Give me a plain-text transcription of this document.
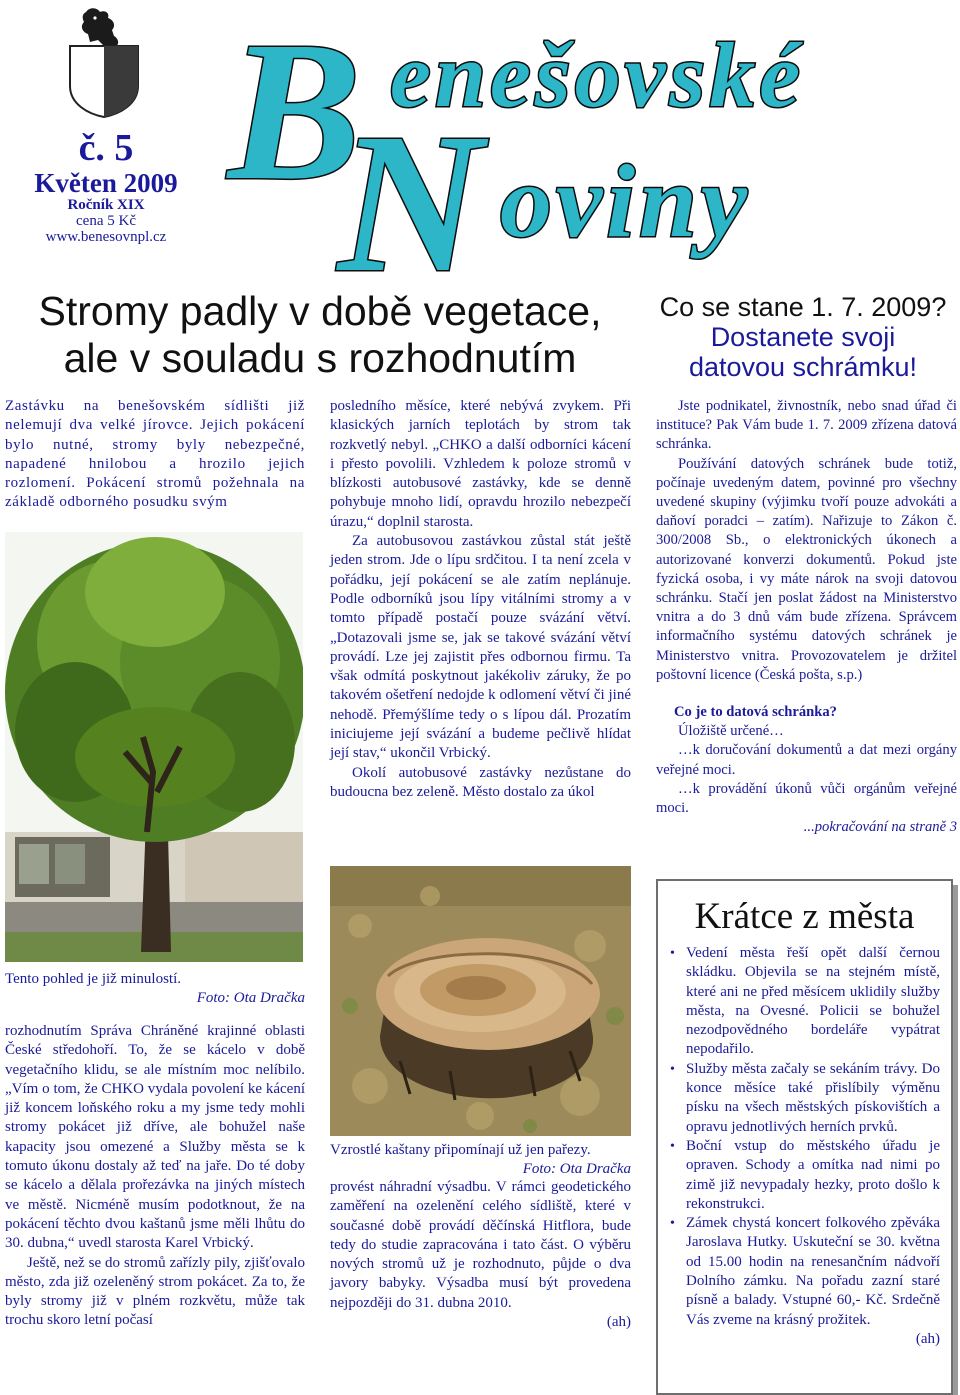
č. 5
Květen 2009
Ročník XIX
cena 5 Kč
www.benesovnpl.cz
B enešovské
N oviny
Stromy padly v době vegetace,
ale v souladu s rozhodnutím
Co se stane 1. 7. 2009?
Dostanete svoji
datovou schrámku!

Zastávku na benešovském sídlišti již nelemují dva velké jírovce. Jejich pokácení bylo nutné, stromy byly nebezpečné, napadené hnilobou a hrozilo jejich rozlomení. Pokácení stromů požehnala na základě odborného posudku svým

Tento pohled je již minulostí.
Foto: Ota Dračka

rozhodnutím Správa Chráněné krajinné oblasti České středohoří. To, že se kácelo v době vegetačního klidu, se ale místním moc nelíbilo. „Vím o tom, že CHKO vydala povolení ke kácení již koncem loňského roku a my jsme tedy mohli stromy pokácet již dříve, ale bohužel naše kapacity jsou omezené a Služby města se k tomuto úkonu dostaly až teď na jaře. Do té doby se kácelo a dělala prořezávka na jiných místech ve městě. Nicméně musím podotknout, že na pokácení těchto dvou kaštanů jsme měli lhůtu do 30. dubna,“ uvedl starosta Karel Vrbický.

Ještě, než se do stromů zařízly pily, zjišťovalo město, zda již ozeleněný strom pokácet. Za to, že byly stromy již v plném rozkvětu, může tak trochu skoro letní počasí

posledního měsíce, které nebývá zvykem. Při klasických jarních teplotách by strom tak rozkvetlý nebyl. „CHKO a další odborníci kácení i přesto povolili. Vzhledem k poloze stromů v blízkosti autobusové zastávky, kde se denně pohybuje mnoho lidí, opravdu hrozilo nebezpečí úrazu,“ doplnil starosta.

Za autobusovou zastávkou zůstal stát ještě jeden strom. Jde o lípu srdčitou. I ta není zcela v pořádku, její pokácení se ale zatím neplánuje. Podle odborníků jsou lípy vitálními stromy a v tomto případě postačí pouze svázání větví. „Dotazovali jsme se, jak se takové svázání větví provádí. Lze jej zajistit přes odbornou firmu. Ta však odmítá poskytnout jakékoliv záruky, že po takovém ošetření nedojde k odlomení větví či jiné nehodě. Přemýšlíme tedy o s lípou dál. Prozatím iniciujeme její svázání a budeme pečlivě hlídat její stav,“ ukončil Vrbický.

Okolí autobusové zastávky nezůstane do budoucna bez zeleně. Město dostalo za úkol

Vzrostlé kaštany připomínají už jen pařezy.
Foto: Ota Dračka

provést náhradní výsadbu. V rámci geodetického zaměření na ozelenění celého sídliště, které v současné době provádí děčínská Hitflora, bude tedy do studie zapracována i tato část. O výběru nových stromů už je rozhodnuto, půjde o dva javory babyky. Výsadba musí být provedena nejpozději do 31. dubna 2010.

(ah)

Jste podnikatel, živnostník, nebo snad úřad či instituce? Pak Vám bude 1. 7. 2009 zřízena datová schránka.

Používání datových schránek bude totiž, počínaje uvedeným datem, povinné pro všechny uvedené skupiny (výjimku tvoří pouze advokáti a daňoví poradci – zatím). Nařizuje to Zákon č. 300/2008 Sb., o elektronických úkonech a autorizované konverzi dokumentů. Pokud jste fyzická osoba, i vy máte nárok na svoji datovou schránku. Stačí jen poslat žádost na Ministerstvo vnitra a do 3 dnů vám bude zřízena. Správcem informačního systému datových schránek je Ministerstvo vnitra. Provozovatelem je držitel poštovní licence (Česká pošta, s.p.)

Co je to datová schránka?

Úložiště určené…

…k doručování dokumentů a dat mezi orgány veřejné moci.

…k provádění úkonů vůči orgánům veřejné moci.

...pokračování na straně 3
Krátce z města
• Vedení města řeší opět další černou skládku. Objevila se na stejném místě, které ani ne před měsícem uklidily služby města, na Ovesné. Policii se bohužel nezodpovědného bordeláře vypátrat nepodařilo.
• Služby města začaly se sekáním trávy. Do konce měsíce také přislíbily výměnu písku na všech městských pískovištích a opravu jednotlivých herních prvků.
• Boční vstup do městského úřadu je opraven. Schody a omítka nad nimi po zimě již nevypadaly hezky, proto došlo k rekonstrukci.
• Zámek chystá koncert folkového zpěváka Jaroslava Hutky. Uskuteční se 30. května od 15.00 hodin na renesančním nádvoří Dolního zámku. Na pořadu zazní staré písně a balady. Vstupné 60,- Kč. Srdečně Vás zveme na krásný prožitek.
(ah)
